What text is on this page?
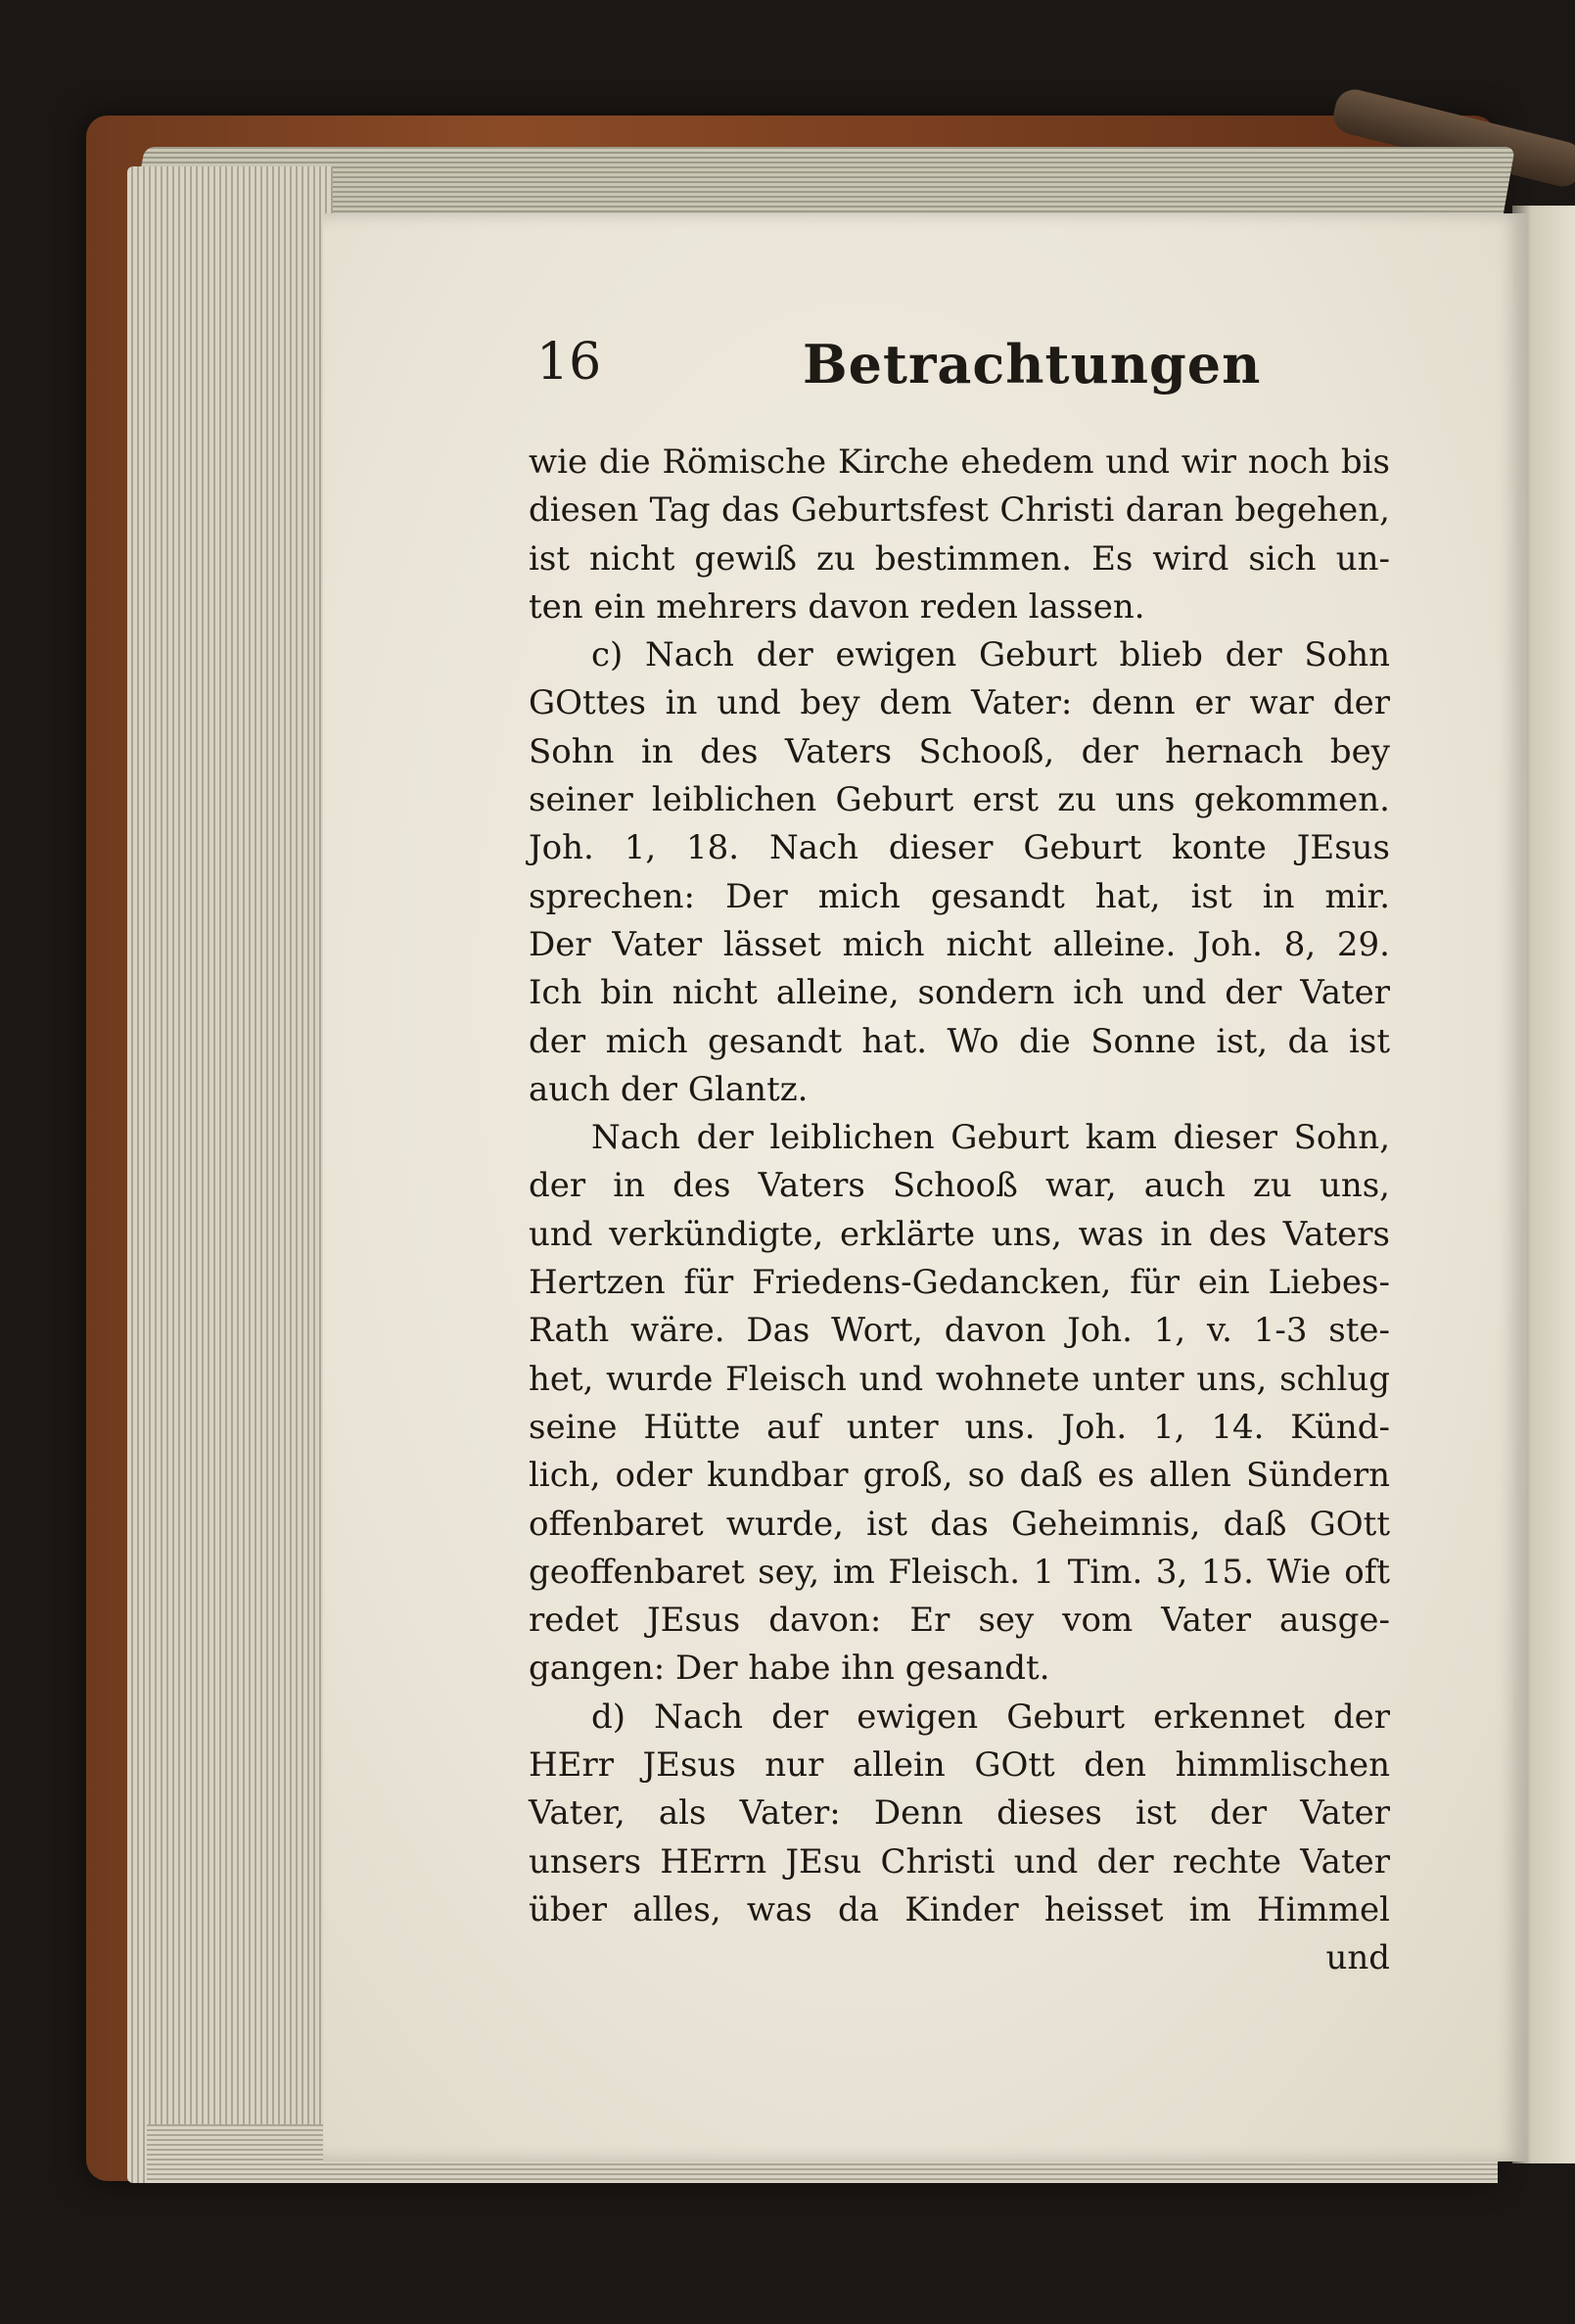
16	Betrachtungen
wie die Römische Kirche ehedem und wir noch bis
diesen Tag das Geburtsfest Christi daran begehen,
ist nicht gewiß zu bestimmen. Es wird sich un-
ten ein mehrers davon reden lassen.
c) Nach der ewigen Geburt blieb der Sohn
GOttes in und bey dem Vater: denn er war der
Sohn in des Vaters Schooß, der hernach bey
seiner leiblichen Geburt erst zu uns gekommen.
Joh. 1, 18. Nach dieser Geburt konte JEsus
sprechen: Der mich gesandt hat, ist in mir.
Der Vater lässet mich nicht alleine. Joh. 8, 29.
Ich bin nicht alleine, sondern ich und der Vater
der mich gesandt hat. Wo die Sonne ist, da ist
auch der Glantz.
Nach der leiblichen Geburt kam dieser Sohn,
der in des Vaters Schooß war, auch zu uns,
und verkündigte, erklärte uns, was in des Vaters
Hertzen für Friedens-Gedancken, für ein Liebes-
Rath wäre. Das Wort, davon Joh. 1, v. 1-3 ste-
het, wurde Fleisch und wohnete unter uns, schlug
seine Hütte auf unter uns. Joh. 1, 14. Künd-
lich, oder kundbar groß, so daß es allen Sündern
offenbaret wurde, ist das Geheimnis, daß GOtt
geoffenbaret sey, im Fleisch. 1 Tim. 3, 15. Wie oft
redet JEsus davon: Er sey vom Vater ausge-
gangen: Der habe ihn gesandt.
d) Nach der ewigen Geburt erkennet der
HErr JEsus nur allein GOtt den himmlischen
Vater, als Vater: Denn dieses ist der Vater
unsers HErrn JEsu Christi und der rechte Vater
über alles, was da Kinder heisset im Himmel
und
